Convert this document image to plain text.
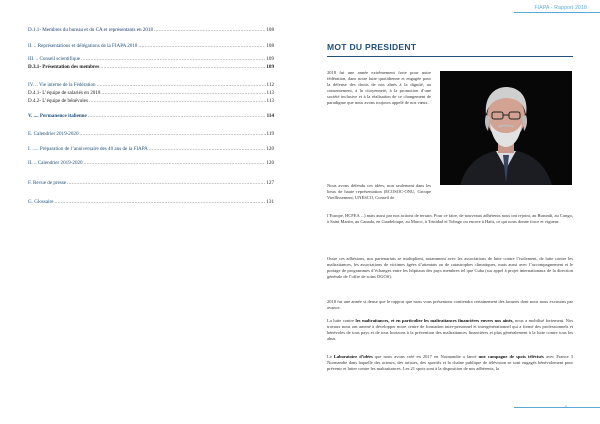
D.1.1- Membres du bureau et du CA et représentants en 2018 .....	108
II. .. Représentations et délégations de la FIAPA 2018 .....	108
III. .. Conseil scientifique .....	109
D.3.1- Présentation des membres .....	109
IV. .. Vie interne de la Fédération .....	112
D.4.1- L’équipe de salariés en 2018 .....	113
D.4.2- L’équipe de bénévoles .....	113
V. .... Permanence italienne .....	114
E. Calendrier 2019-2020 .....	119
I. ..... Préparation de l’anniversaire des 40 ans de la FIAPA .....	120
II. .. Calendrier 2019-2020 .....	120
F. Revue de presse .....	127
G. Glossaire .....	131
FIAPA - Rapport 2018
MOT DU PRESIDENT
2018 fut une année extrêmement forte pour notre fédération, dans notre lutte quotidienne et engagée pour la défense des droits de nos aînés à la dignité, au consentement, à la citoyenneté, à la promotion d’une société inclusive et à la réalisation de ce changement de paradigme que nous avons toujours appelé de nos vœux.
Nous avons défendu ces idées, non seulement dans les lieux de haute représentation (ECOSOC-ONU, Groupe Vieillissement, UNESCO, Conseil de
l’Europe, HCFEA ...) mais aussi par nos actions de terrain. Pour ce faire, de nouveaux adhérents nous ont rejoint, au Burundi, au Congo, à Saint Martin, au Canada, en Guadeloupe, au Maroc, à Trinidad et Tobago ou encore à Haïti, ce qui nous donne force et vigueur.
Outre ces adhésions, nos partenariats se multiplient, notamment avec les associations de lutte contre l’isolement, de lutte contre les maltraitances, les associations de victimes âgées d’attentats ou de catastrophes climatiques, mais aussi avec l’accompagnement et le portage de programmes d’échanges entre les hôpitaux des pays membres tel que Cuba (sur appel à projet internationaux de la direction générale de l’offre de soins DGOS).
2018 fut une année si dense que le rapport que nous vous présentons contiendra certainement des lacunes dont nous nous excusons par avance.
La lutte contre les maltraitances, et en particulier les maltraitances financières envers nos aînés, nous a mobilisé fortement. Nos travaux nous ont amené à développer notre centre de formation inter-personnel et intergénérationnel qui a formé des professionnels et bénévoles de tous pays et de tous horizons à la prévention des maltraitances financières et plus généralement à la lutte contre tous les abus.
Le Laboratoire d’idées que nous avons créé en 2017 en Normandie a lancé une campagne de spots télévisés avec France 3 Normandie dans laquelle des acteurs, des artistes, des sportifs et la chaîne publique de télévision se sont engagés bénévolement pour prévenir et lutter contre les maltraitances. Les 21 spots sont à la disposition de nos adhérents, la
5
